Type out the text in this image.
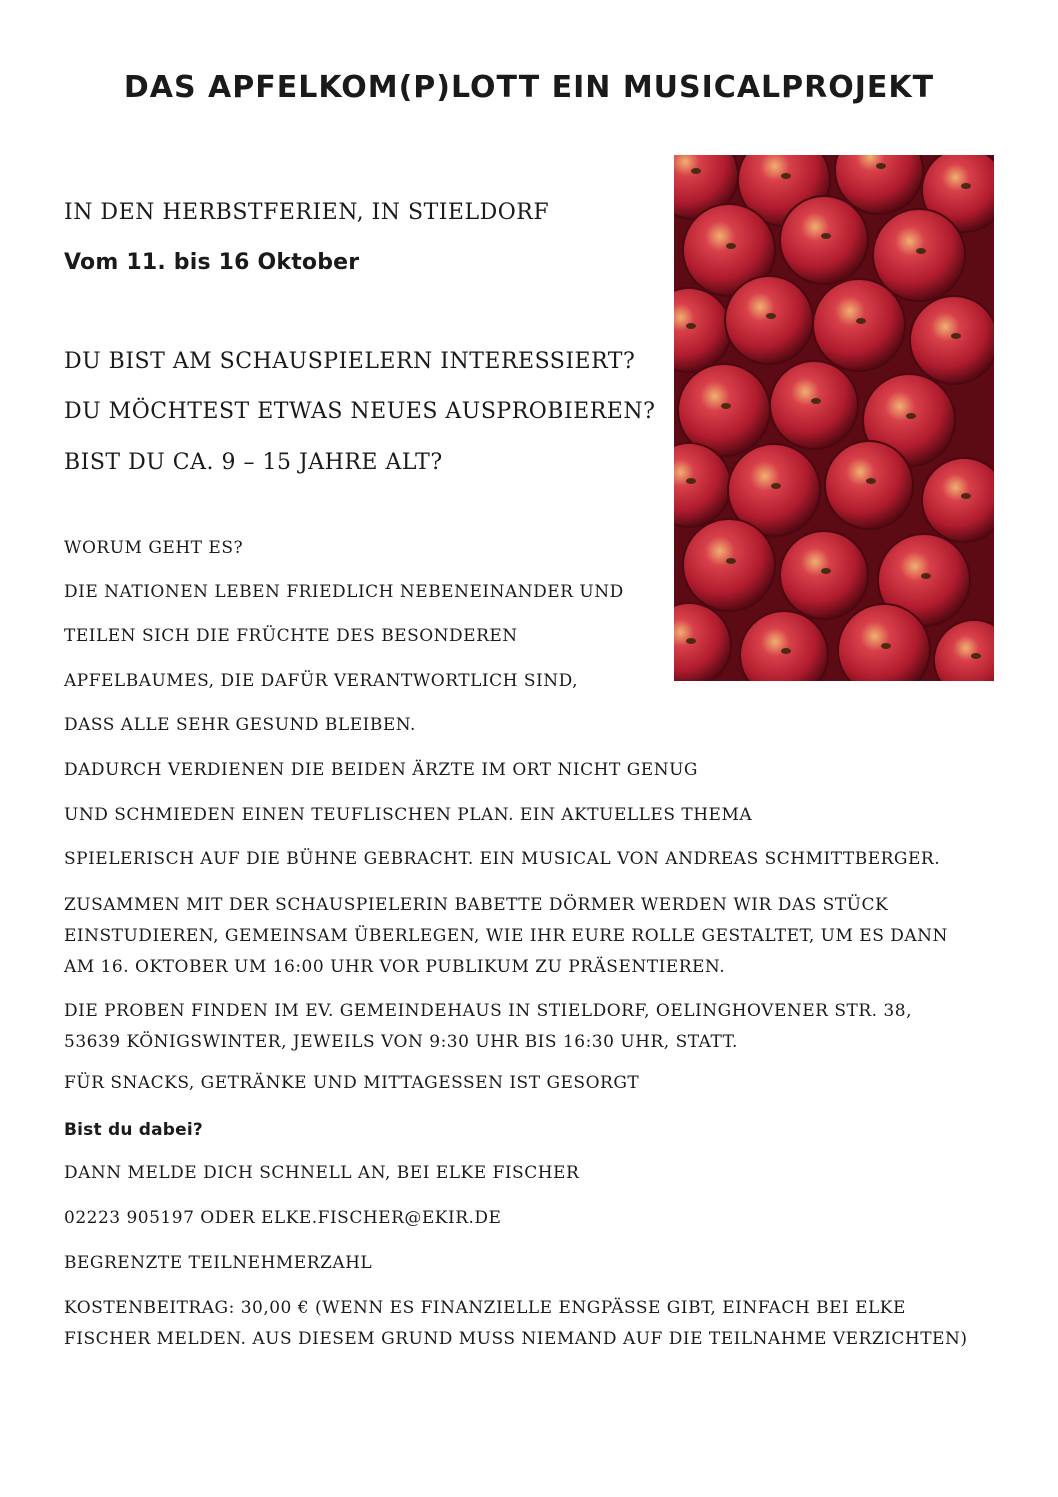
DAS APFELKOM(P)LOTT EIN MUSICALPROJEKT

IN DEN HERBSTFERIEN, IN STIELDORF

Vom 11. bis 16 Oktober

DU BIST AM SCHAUSPIELERN INTERESSIERT?

DU MÖCHTEST ETWAS NEUES AUSPROBIEREN?

BIST DU CA. 9 – 15 JAHRE ALT?

WORUM GEHT ES?

DIE NATIONEN LEBEN FRIEDLICH NEBENEINANDER UND

TEILEN SICH DIE FRÜCHTE DES BESONDEREN

APFELBAUMES, DIE DAFÜR VERANTWORTLICH SIND,

DASS ALLE SEHR GESUND BLEIBEN.

DADURCH VERDIENEN DIE BEIDEN ÄRZTE IM ORT NICHT GENUG

UND SCHMIEDEN EINEN TEUFLISCHEN PLAN. EIN AKTUELLES THEMA

SPIELERISCH AUF DIE BÜHNE GEBRACHT. EIN MUSICAL VON ANDREAS SCHMITTBERGER.

ZUSAMMEN MIT DER SCHAUSPIELERIN BABETTE DÖRMER WERDEN WIR DAS STÜCK EINSTUDIEREN, GEMEINSAM ÜBERLEGEN, WIE IHR EURE ROLLE GESTALTET, UM ES DANN AM 16. OKTOBER UM 16:00 UHR VOR PUBLIKUM ZU PRÄSENTIEREN.

DIE PROBEN FINDEN IM EV. GEMEINDEHAUS IN STIELDORF, OELINGHOVENER STR. 38, 53639 KÖNIGSWINTER, JEWEILS VON 9:30 UHR BIS 16:30 UHR, STATT.

FÜR SNACKS, GETRÄNKE UND MITTAGESSEN IST GESORGT

Bist du dabei?

DANN MELDE DICH SCHNELL AN, BEI ELKE FISCHER

02223 905197 ODER ELKE.FISCHER@EKIR.DE

BEGRENZTE TEILNEHMERZAHL

KOSTENBEITRAG: 30,00 € (WENN ES FINANZIELLE ENGPÄSSE GIBT, EINFACH BEI ELKE FISCHER MELDEN. AUS DIESEM GRUND MUSS NIEMAND AUF DIE TEILNAHME VERZICHTEN)
